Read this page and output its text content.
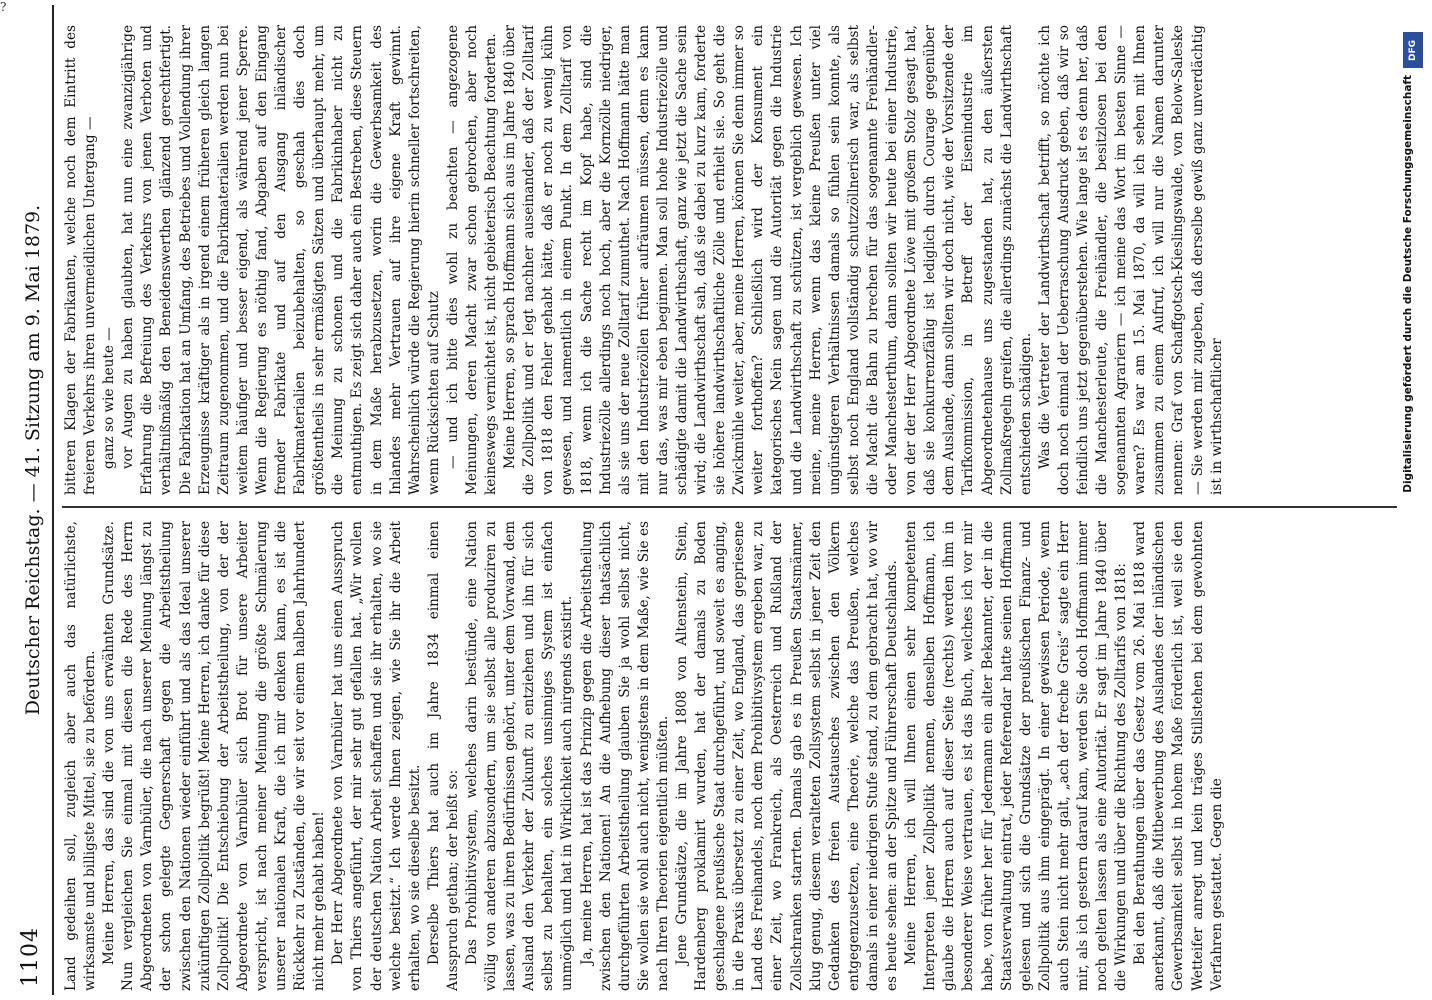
?
1104
Deutscher Reichstag. — 41. Sitzung am 9. Mai 1879.

Land gedeihen soll, zugleich aber auch das natürlichste, wirksamste und billigste Mittel, sie zu befördern. Meine Herren, das sind die von uns erwähnten Grundsätze. Nun vergleichen Sie einmal mit diesen die Rede des Herrn Abgeordneten von Varnbüler, die nach unserer Meinung längst zu der schon gelegte Gegnerschaft gegen die Arbeitstheilung zwischen den Nationen wieder einführt und als das Ideal unserer zukünftigen Zollpolitik begrüßt! Meine Herren, ich danke für diese Zollpolitik! Die Entschiebung der Arbeitstheilung, von der der Abgeordnete von Varnbüler sich Brot für unsere Arbeiter verspricht, ist nach meiner Meinung die größte Schmälerung unserer nationalen Kraft, die ich mir denken kann, es ist die Rückkehr zu Zuständen, die wir seit vor einem halben Jahrhundert nicht mehr gehabt haben! Der Herr Abgeordnete von Varnbüler hat uns einen Ausspruch von Thiers angeführt, der mir sehr gut gefallen hat. „Wir wollen der deutschen Nation Arbeit schaffen und sie ihr erhalten, wo sie welche besitzt.“ Ich werde Ihnen zeigen, wie Sie ihr die Arbeit erhalten, wo sie dieselbe besitzt. Derselbe Thiers hat auch im Jahre 1834 einmal einen Ausspruch gethan; der heißt so: Das Prohibitivsystem, welches darin bestünde, eine Nation völlig von anderen abzusondern, um sie selbst alle produziren zu lassen, was zu ihren Bedürfnissen gehört, unter dem Vorwand, dem Ausland den Verkehr der Zukunft zu entziehen und ihn für sich selbst zu behalten, ein solches unsinniges System ist einfach unmöglich und hat in Wirklichkeit auch nirgends existirt. Ja, meine Herren, hat ist das Prinzip gegen die Arbeitstheilung zwischen den Nationen! An die Aufhebung dieser thatsächlich durchgeführten Arbeitstheilung glauben Sie ja wohl selbst nicht, Sie wollen sie wohl auch nicht, wenigstens in dem Maße, wie Sie es nach Ihren Theorien eigentlich müßten. Jene Grundsätze, die im Jahre 1808 von Altenstein, Stein, Hardenberg proklamirt wurden, hat der damals zu Boden geschlagene preußische Staat durchgeführt, und soweit es anging, in die Praxis übersetzt zu einer Zeit, wo England, das gepriesene Land des Freihandels, noch dem Prohibitivsystem ergeben war, zu einer Zeit, wo Frankreich, als Oesterreich und Rußland der Zollschranken starrten. Damals gab es in Preußen Staatsmänner, klug genug, diesem veralteten Zollsystem selbst in jener Zeit den Gedanken des freien Austausches zwischen den Völkern entgegenzusetzen, eine Theorie, welche das Preußen, welches damals in einer niedrigen Stufe stand, zu dem gebracht hat, wo wir es heute sehen: an der Spitze und Führerschaft Deutschlands. Meine Herren, ich will Ihnen einen sehr kompetenten Interpreten jener Zollpolitik nennen, denselben Hoffmann, ich glaube die Herren auch auf dieser Seite (rechts) werden ihm in besonderer Weise vertrauen, es ist das Buch, welches ich vor mir habe, von früher her für Jedermann ein alter Bekannter, der in die Staatsverwaltung eintrat, jeder Referendar hatte seinen Hoffmann gelesen und sich die Grundsätze der preußischen Finanz- und Zollpolitik aus ihm eingeprägt. In einer gewissen Periode, wenn auch Stein nicht mehr galt, „ach der freche Greis“ sagte ein Herr mir, als ich gestern darauf kam, werden Sie doch Hoffmann immer noch gelten lassen als eine Autorität. Er sagt im Jahre 1840 über die Wirkungen und über die Richtung des Zolltarifs von 1818: Bei den Berathungen über das Gesetz vom 26. Mai 1818 ward anerkannt, daß die Mitbewerbung des Auslandes der inländischen Gewerbsamkeit selbst in hohem Maße förderlich ist, weil sie den Wetteifer anregt und kein träges Stillstehen bei dem gewohnten Verfahren gestattet. Gegen die

bitteren Klagen der Fabrikanten, welche noch dem Eintritt des freieren Verkehrs ihren unvermeidlichen Untergang — ganz so wie heute — vor Augen zu haben glaubten, hat nun eine zwanzigjährige Erfahrung die Befreiung des Verkehrs von jenen Verboten und verhältnißmäßig den Beneidenswerthen glänzend gerechtfertigt. Die Fabrikation hat an Umfang, des Betriebes und Vollendung ihrer Erzeugnisse kräftiger als in irgend einem früheren gleich langen Zeitraum zugenommen, und die Fabrikmaterialien werden nun bei weitem häufiger und besser eigend, als während jener Sperre. Wenn die Regierung es nöthig fand, Abgaben auf den Eingang fremder Fabrikate und auf den Ausgang inländischer Fabrikmaterialien beizubehalten, so geschah dies doch größtentheils in sehr ermäßigten Sätzen und überhaupt mehr, um die Meinung zu schonen und die Fabrikinhaber nicht zu entmuthigen. Es zeigt sich daher auch ein Bestreben, diese Steuern in dem Maße herabzusetzen, worin die Gewerbsamkeit des Inlandes mehr Vertrauen auf ihre eigene Kraft gewinnt. Wahrscheinlich würde die Regierung hierin schneller fortschreiten, wenn Rücksichten auf Schutz — und ich bitte dies wohl zu beachten — angezogene Meinungen, deren Macht zwar schon gebrochen, aber noch keineswegs vernichtet ist, nicht gebieterisch Beachtung forderten. Meine Herren, so sprach Hoffmann sich aus im Jahre 1840 über die Zollpolitik und er legt nachher auseinander, daß der Zolltarif von 1818 den Fehler gehabt hätte, daß er noch zu wenig kühn gewesen, und namentlich in einem Punkt. In dem Zolltarif von 1818, wenn ich die Sache recht im Kopf habe, sind die Industriezölle allerdings noch hoch, aber die Kornzölle niedriger, als sie uns der neue Zolltarif zumuthet. Nach Hoffmann hätte man mit den Industriezöllen früher aufräumen müssen, denn es kann nur das, was mir eben beginnen. Man soll hohe Industriezölle und schädigte damit die Landwirthschaft, ganz wie jetzt die Sache sein wird; die Landwirthschaft sah, daß sie dabei zu kurz kam, forderte sie höhere landwirthschaftliche Zölle und erhielt sie. So geht die Zwickmühle weiter, aber, meine Herren, können Sie denn immer so weiter forthoffen? Schließlich wird der Konsument ein kategorisches Nein sagen und die Autorität gegen die Industrie und die Landwirthschaft zu schützen, ist vergeblich gewesen. Ich meine, meine Herren, wenn das kleine Preußen unter viel ungünstigeren Verhältnissen damals so fühlen sein konnte, als selbst noch England vollständig schutzzöllnerisch war, als selbst die Macht die Bahn zu brechen für das sogenannte Freihändler- oder Manchesterthum, dann sollten wir heute bei einer Industrie, von der der Herr Abgeordnete Löwe mit großem Stolz gesagt hat, daß sie konkurrenzfähig ist lediglich durch Courage gegenüber dem Auslande, dann sollten wir doch nicht, wie der Vorsitzende der Tarifkommission, in Betreff der Eisenindustrie im Abgeordnetenhause uns zugestanden hat, zu den äußersten Zollmaßregeln greifen, die allerdings zunächst die Landwirthschaft entschieden schädigen. Was die Vertreter der Landwirthschaft betrifft, so möchte ich doch noch einmal der Ueberraschung Ausdruck geben, daß wir so feindlich uns jetzt gegenüberstehen. Wie lange ist es denn her, daß die Manchesterleute, die Freihändler, die besitzlosen bei den sogenannten Agrariern — ich meine das Wort im besten Sinne — waren? Es war am 15. Mai 1870, da will ich sehen mit Ihnen zusammen zu einem Aufruf, ich will nur die Namen darunter nennen: Graf von Schaffgotsch-Kieslingswalde, von Below-Saleske — Sie werden mir zugeben, daß derselbe gewiß ganz unverdächtig ist in wirthschaftlicher

DFG
Digitalisierung gefördert durch die Deutsche Forschungsgemeinschaft
